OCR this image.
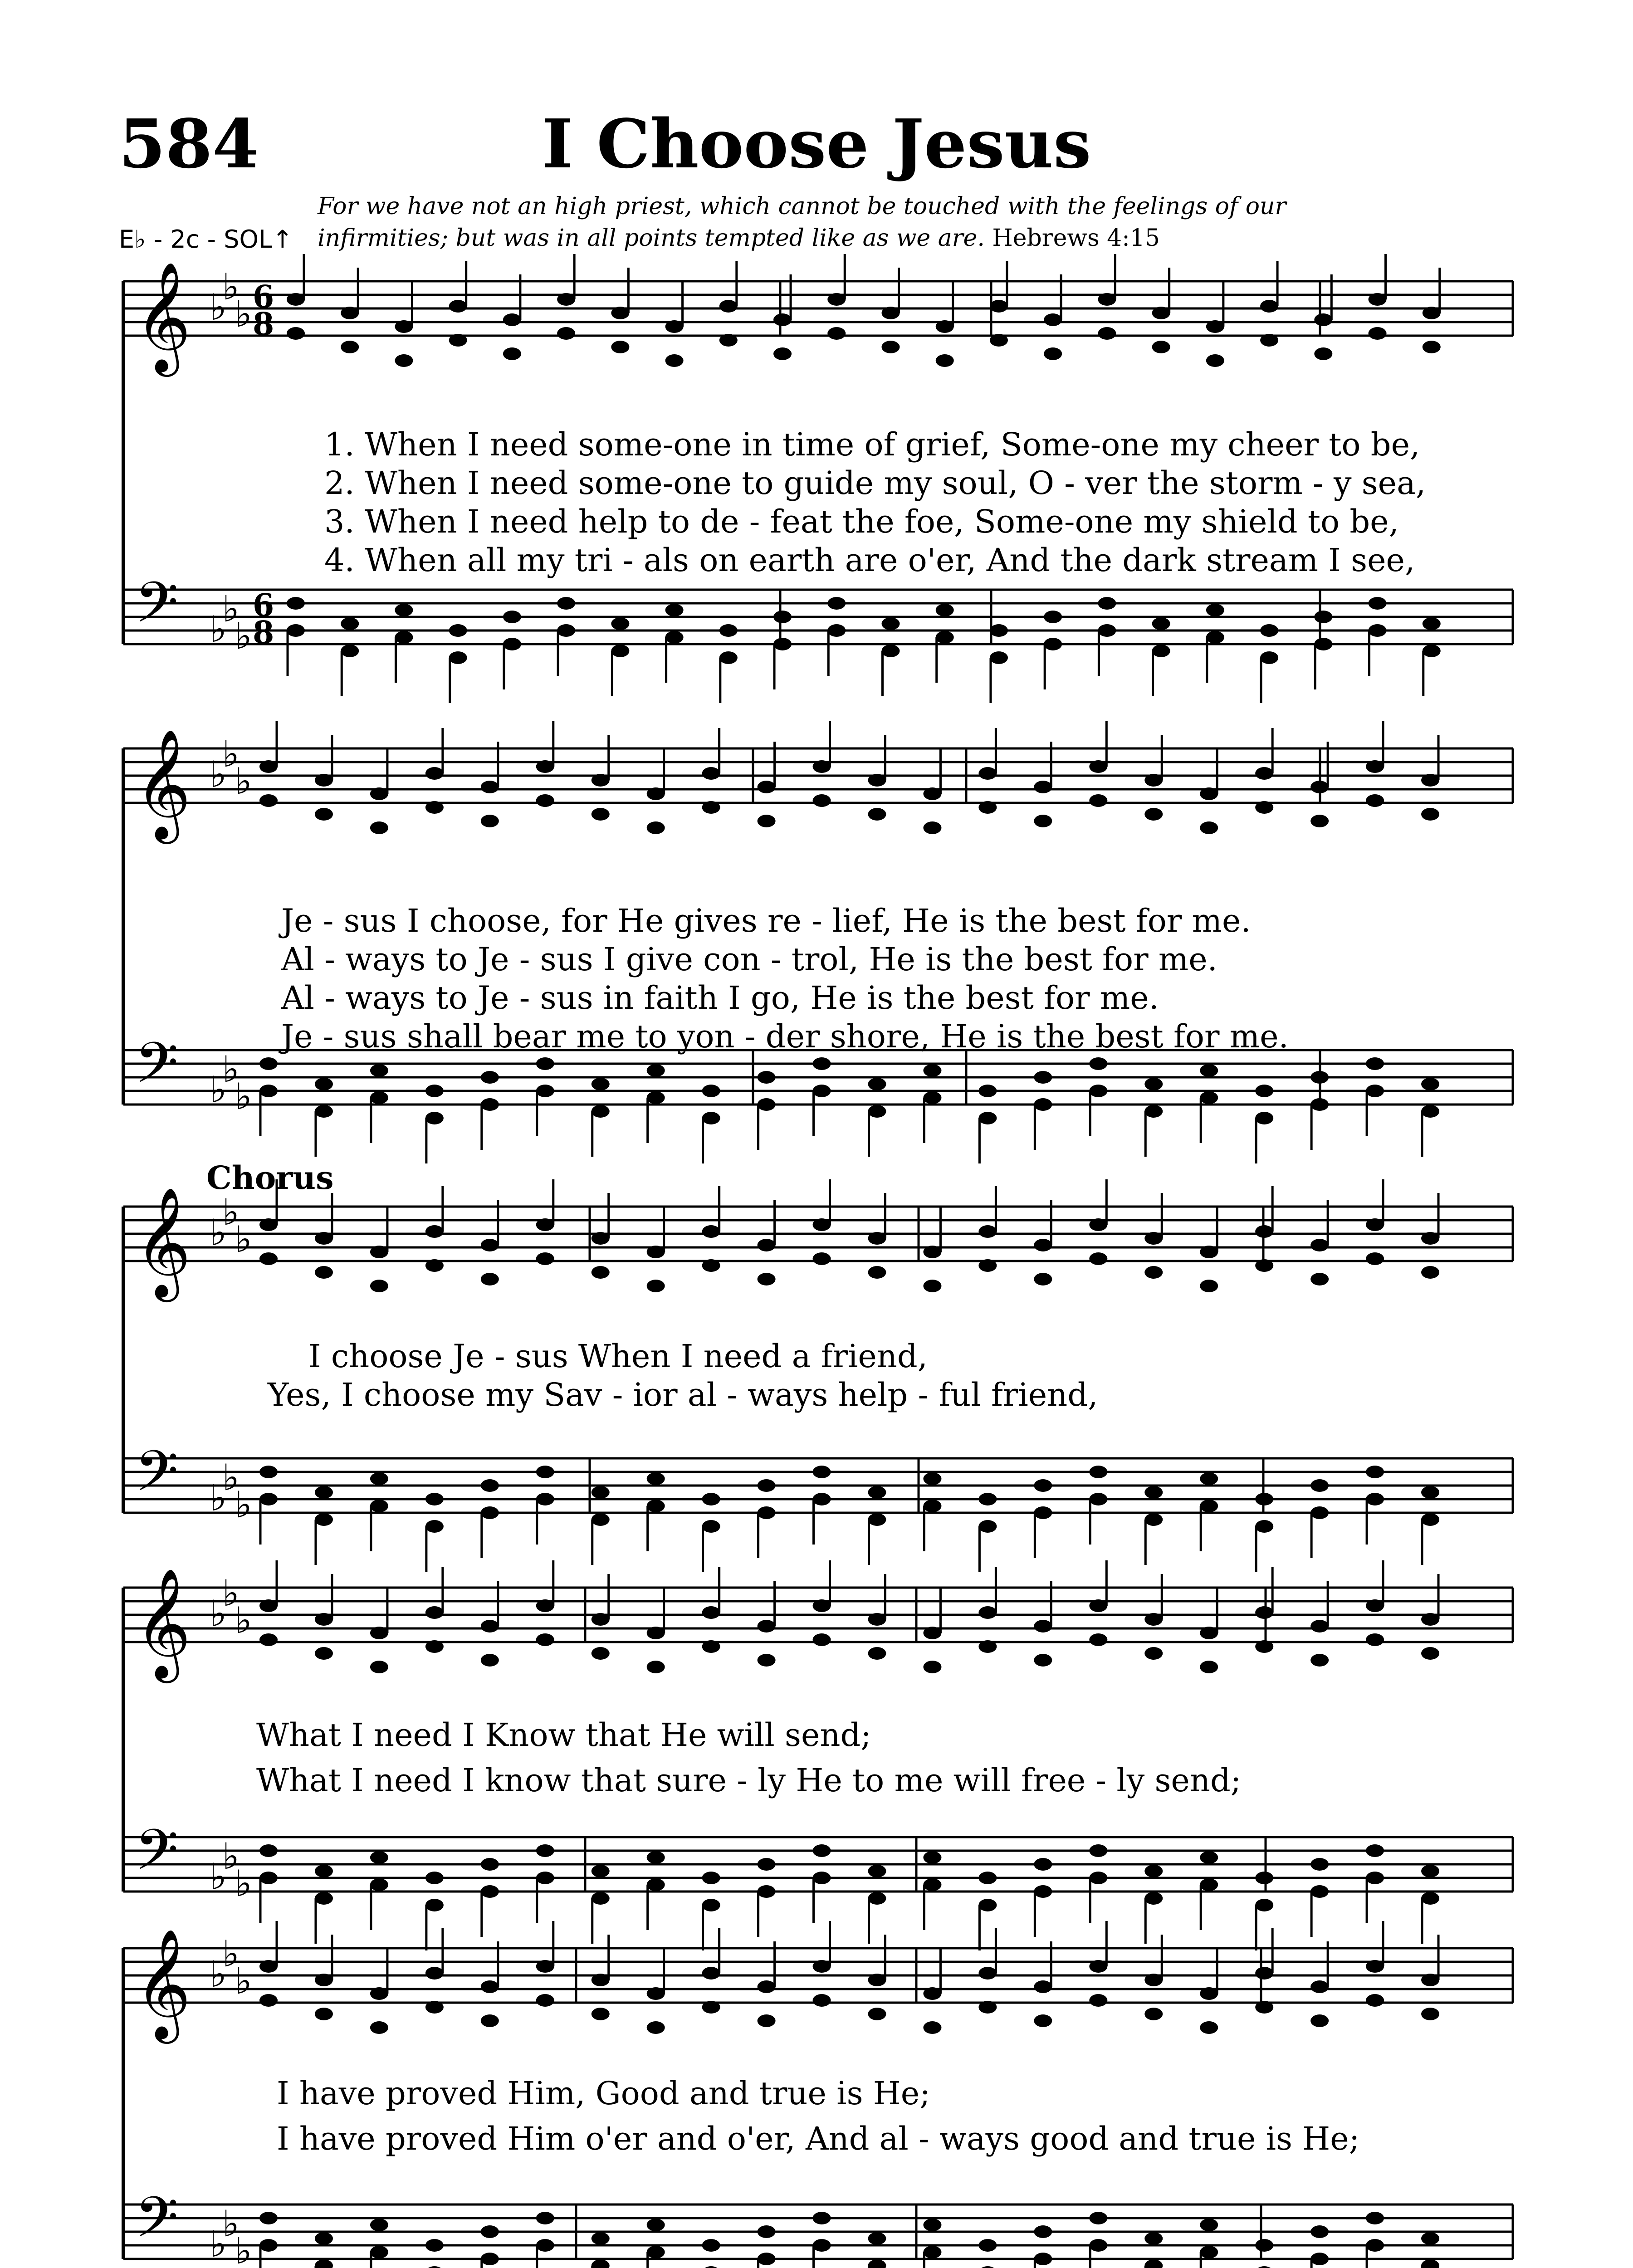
584	I Choose Jesus
For we have not an high priest, which cannot be touched with the feelings of our infirmities; but was in all points tempted like as we are. Hebrews 4:15
E♭ - 2c - SOL↑
𝄞
𝄢
♭
♭
♭
♭
♭
♭
6
8
6
8
𝄞
𝄢
♭
♭
♭
♭
♭
♭
𝄞
𝄢
♭
♭
♭
♭
♭
♭
𝄞
𝄢
♭
♭
♭
♭
♭
♭
𝄞
𝄢
♭
♭
♭
♭
♭
♭
1. When I need some-one in time of grief, Some-one my cheer to be,
2. When I need some-one to guide my soul, O - ver the storm - y sea,
3. When I need help to de - feat the foe, Some-one my shield to be,
4. When all my tri - als on earth are o'er, And the dark stream I see,
Je - sus I choose, for He gives re - lief, He is the best for me.
Al - ways to Je - sus I give con - trol, He is the best for me.
Al - ways to Je - sus in faith I go, He is the best for me.
Je - sus shall bear me to yon - der shore, He is the best for me.
Chorus
I choose Je - sus When I need a friend,
Yes, I choose my Sav - ior al - ways help - ful friend,
What I need I Know that He will send;
What I need I know that sure - ly He to me will free - ly send;
I have proved Him, Good and true is He;
I have proved Him o'er and o'er, And al - ways good and true is He;
